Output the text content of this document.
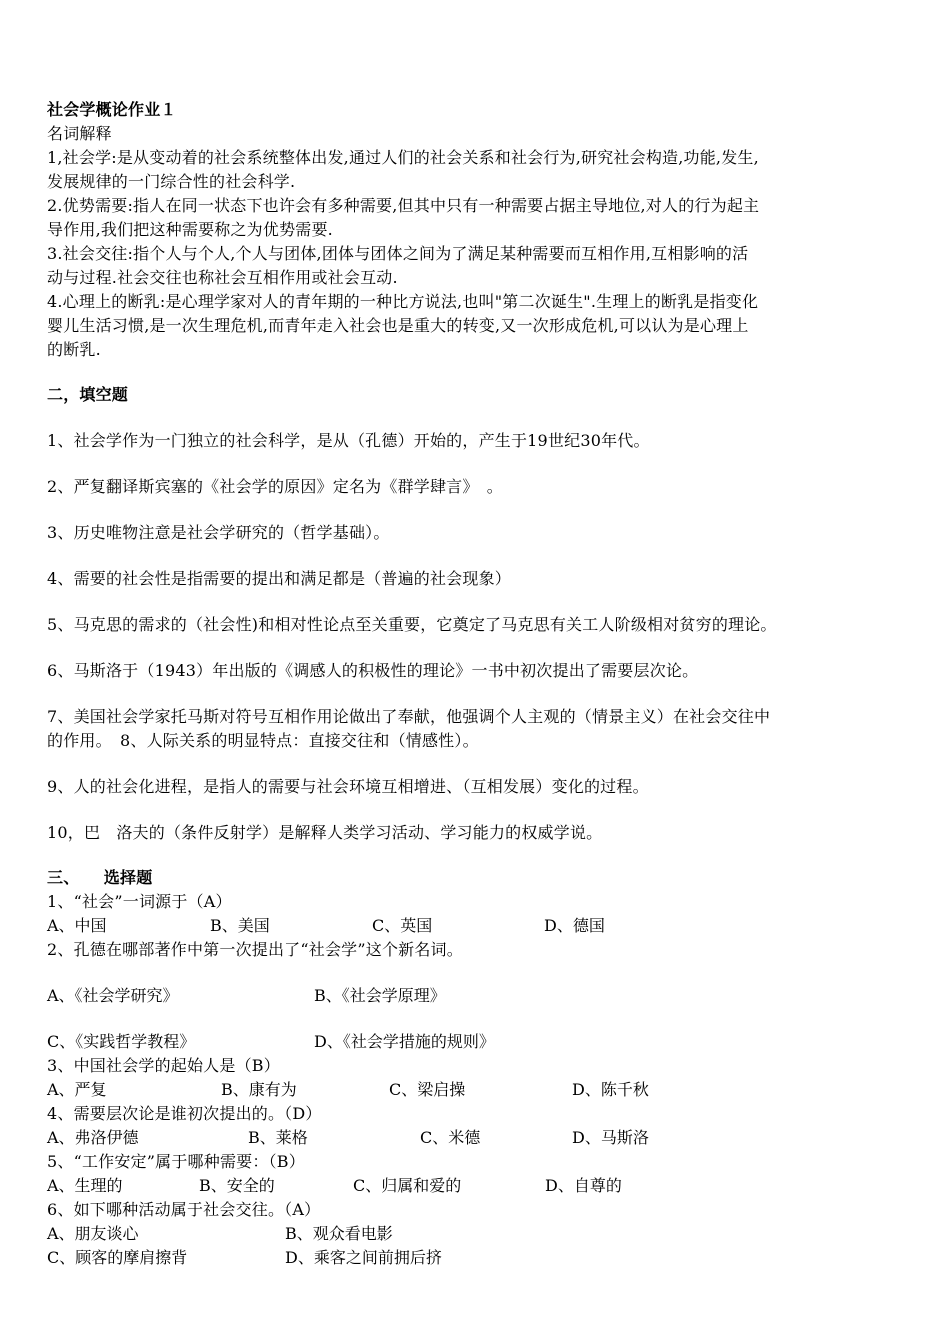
社会学概论作业１
名词解释
1,社会学:是从变动着的社会系统整体出发,通过人们的社会关系和社会行为,研究社会构造,功能,发生,
发展规律的一门综合性的社会科学.
2.优势需要:指人在同一状态下也许会有多种需要,但其中只有一种需要占据主导地位,对人的行为起主
导作用,我们把这种需要称之为优势需要.
3.社会交往:指个人与个人,个人与团体,团体与团体之间为了满足某种需要而互相作用,互相影响的活
动与过程.社会交往也称社会互相作用或社会互动.
4.心理上的断乳:是心理学家对人的青年期的一种比方说法,也叫"第二次诞生".生理上的断乳是指变化
婴儿生活习惯,是一次生理危机,而青年走入社会也是重大的转变,又一次形成危机,可以认为是心理上
的断乳.
二，填空题
1、社会学作为一门独立的社会科学，是从（孔德）开始的，产生于19世纪30年代。
2、严复翻译斯宾塞的《社会学的原因》定名为《群学肆言》　。
3、历史唯物注意是社会学研究的（哲学基础）。
4、需要的社会性是指需要的提出和满足都是（普遍的社会现象）
5、马克思的需求的（社会性)和相对性论点至关重要，它奠定了马克思有关工人阶级相对贫穷的理论。
6、马斯洛于（1943）年出版的《调感人的积极性的理论》一书中初次提出了需要层次论。
7、美国社会学家托马斯对符号互相作用论做出了奉献，他强调个人主观的（情景主义）在社会交往中
的作用。　8、人际关系的明显特点：直接交往和（情感性）。
9、人的社会化进程，是指人的需要与社会环境互相增进、（互相发展）变化的过程。
10，巴　洛夫的（条件反射学）是解释人类学习活动、学习能力的权威学说。
三、　　选择题
1、“社会”一词源于（A）
A、中国	B、美国	C、英国	D、德国
2、孔德在哪部著作中第一次提出了“社会学”这个新名词。
A、《社会学研究》	B、《社会学原理》
C、《实践哲学教程》	D、《社会学措施的规则》
3、中国社会学的起始人是（B）
A、严复	B、康有为	C、梁启操	D、陈千秋
4、需要层次论是谁初次提出的。（D）
A、弗洛伊德	B、莱格	C、米德	D、马斯洛
5、“工作安定”属于哪种需要：（B）
A、生理的	B、安全的	C、归属和爱的	D、自尊的
6、如下哪种活动属于社会交往。（A）
A、朋友谈心	B、观众看电影
C、顾客的摩肩擦背	D、乘客之间前拥后挤
